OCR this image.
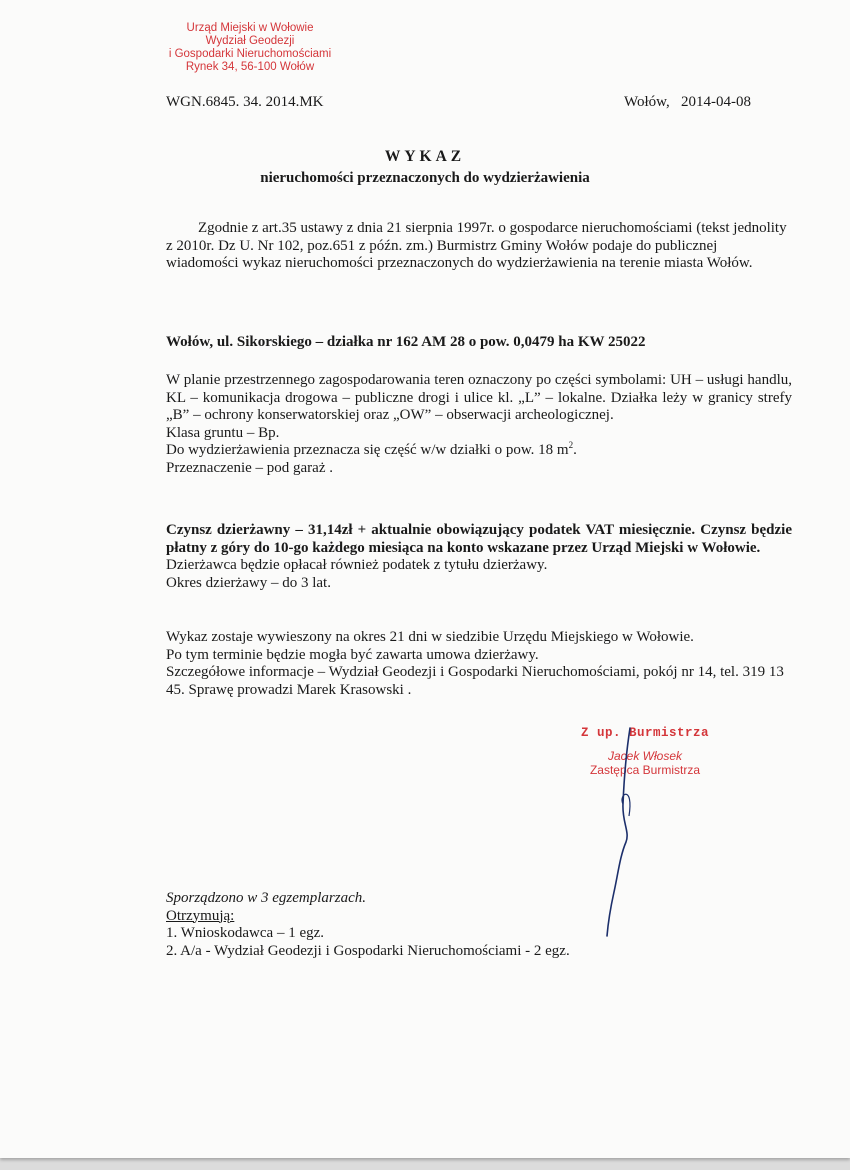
Urząd Miejski w Wołowie
Wydział Geodezji
i Gospodarki Nieruchomościami
Rynek 34, 56-100 Wołów
WGN.6845. 34. 2014.MK	Wołów,   2014-04-08
WYKAZ
nieruchomości przeznaczonych do wydzierżawienia
Zgodnie z art.35 ustawy z dnia 21 sierpnia 1997r. o gospodarce nieruchomościami (tekst jednolity z 2010r. Dz U. Nr 102, poz.651 z późn. zm.) Burmistrz Gminy Wołów podaje do publicznej wiadomości wykaz nieruchomości przeznaczonych do wydzierżawienia na terenie miasta Wołów.
Wołów, ul. Sikorskiego – działka nr 162 AM 28 o pow. 0,0479 ha KW 25022

W planie przestrzennego zagospodarowania teren oznaczony po części symbolami: UH – usługi handlu, KL – komunikacja drogowa – publiczne drogi i ulice kl. „L” – lokalne. Działka leży w granicy strefy „B” – ochrony konserwatorskiej oraz „OW” – obserwacji archeologicznej.

Klasa gruntu – Bp.

Do wydzierżawienia przeznacza się część w/w działki o pow. 18 $m^2$.

Przeznaczenie – pod garaż .

Czynsz dzierżawny – 31,14zł + aktualnie obowiązujący podatek VAT miesięcznie. Czynsz będzie płatny z góry do 10-go każdego miesiąca na konto wskazane przez Urząd Miejski w Wołowie.

Dzierżawca będzie opłacał również podatek z tytułu dzierżawy.

Okres dzierżawy – do 3 lat.

Wykaz zostaje wywieszony na okres 21 dni w siedzibie Urzędu Miejskiego w Wołowie.

Po tym terminie będzie mogła być zawarta umowa dzierżawy.

Szczegółowe informacje – Wydział Geodezji i Gospodarki Nieruchomościami, pokój nr 14, tel. 319 13 45. Sprawę prowadzi Marek Krasowski .

Z up. Burmistrza
Jacek Włosek
Zastępca Burmistrza

Sporządzono w 3 egzemplarzach.

Otrzymują:

1. Wnioskodawca – 1 egz.

2. A/a - Wydział Geodezji i Gospodarki Nieruchomościami - 2 egz.
